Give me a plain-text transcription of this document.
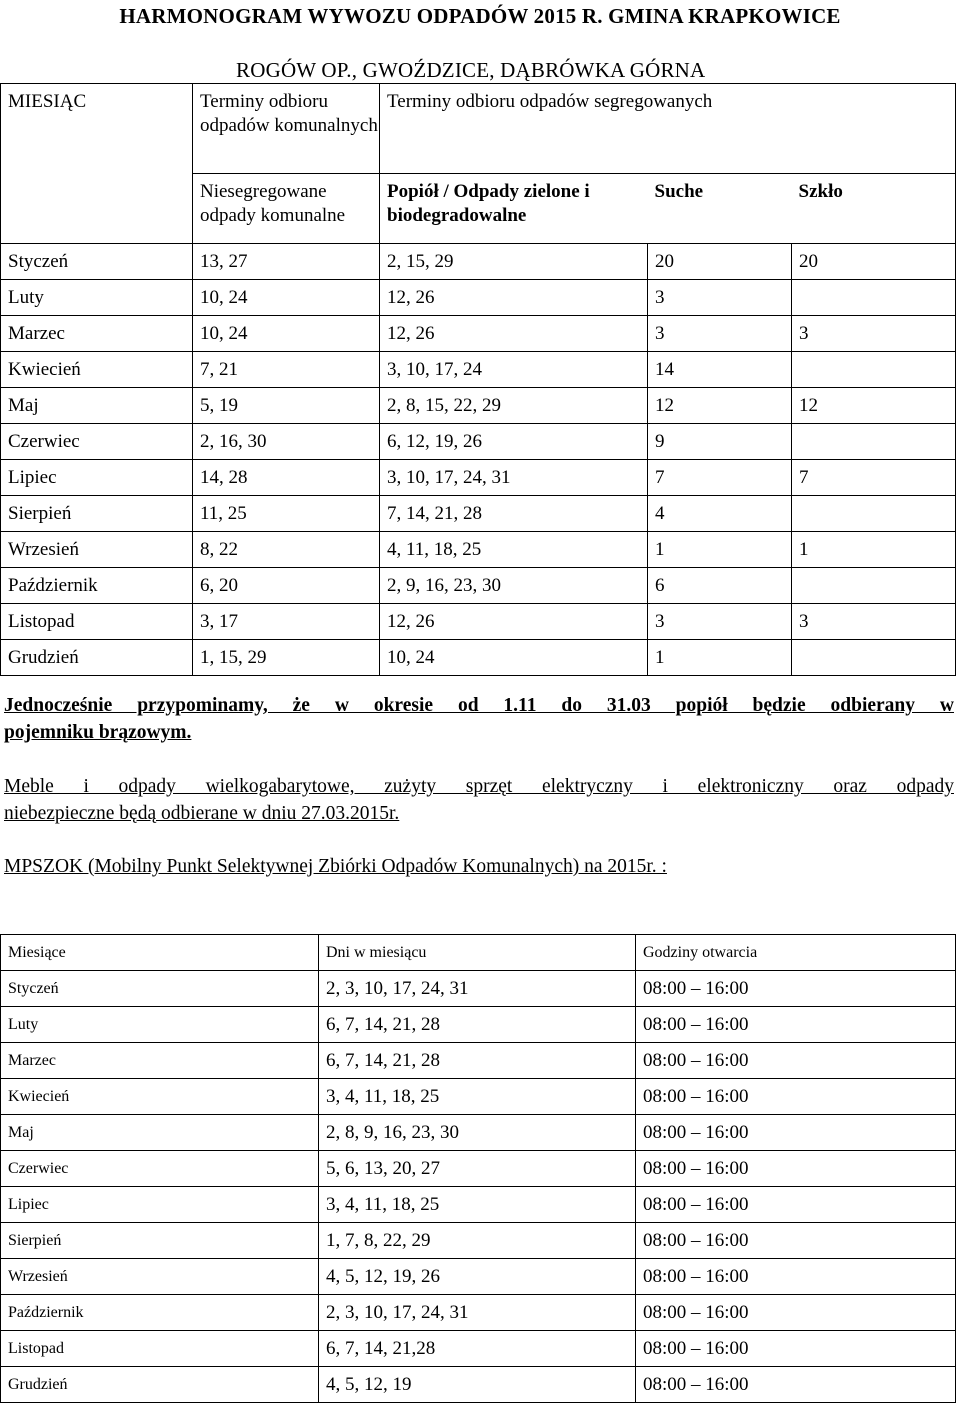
HARMONOGRAM WYWOZU ODPADÓW 2015 R. GMINA KRAPKOWICE
ROGÓW OP., GWOŹDZICE, DĄBRÓWKA GÓRNA
MIESIĄC	Terminy odbioru odpadów komunalnych	Terminy odbioru odpadów segregowanych		
	Niesegregowane odpady komunalne	Popiół / Odpady zielone i biodegradowalne	Suche	Szkło
Styczeń	13, 27	2, 15, 29	20	20
Luty	10, 24	12, 26	3	
Marzec	10, 24	12, 26	3	3
Kwiecień	7, 21	3, 10, 17, 24	14	
Maj	5, 19	2, 8, 15, 22, 29	12	12
Czerwiec	2, 16, 30	6, 12, 19, 26	9	
Lipiec	14, 28	3, 10, 17, 24, 31	7	7
Sierpień	11, 25	7, 14, 21, 28	4	
Wrzesień	8, 22	4, 11, 18, 25	1	1
Październik	6, 20	2, 9, 16, 23, 30	6	
Listopad	3, 17	12, 26	3	3
Grudzień	1, 15, 29	10, 24	1	
Jednocześnie przypominamy, że w okresie od 1.11 do 31.03 popiół będzie odbierany w
pojemniku brązowym.
Meble i odpady wielkogabarytowe, zużyty sprzęt elektryczny i elektroniczny oraz odpady
niebezpieczne będą odbierane w dniu 27.03.2015r.
MPSZOK (Mobilny Punkt Selektywnej Zbiórki Odpadów Komunalnych) na 2015r. :
Miesiące	Dni w miesiącu	Godziny otwarcia
Styczeń	2, 3, 10, 17, 24, 31	08:00 – 16:00
Luty	6, 7, 14, 21, 28	08:00 – 16:00
Marzec	6, 7, 14, 21, 28	08:00 – 16:00
Kwiecień	3, 4, 11, 18, 25	08:00 – 16:00
Maj	2, 8, 9, 16, 23, 30	08:00 – 16:00
Czerwiec	5, 6, 13, 20, 27	08:00 – 16:00
Lipiec	3, 4, 11, 18, 25	08:00 – 16:00
Sierpień	1, 7, 8, 22, 29	08:00 – 16:00
Wrzesień	4, 5, 12, 19, 26	08:00 – 16:00
Październik	2, 3, 10, 17, 24, 31	08:00 – 16:00
Listopad	6, 7, 14, 21,28	08:00 – 16:00
Grudzień	4, 5, 12, 19	08:00 – 16:00
